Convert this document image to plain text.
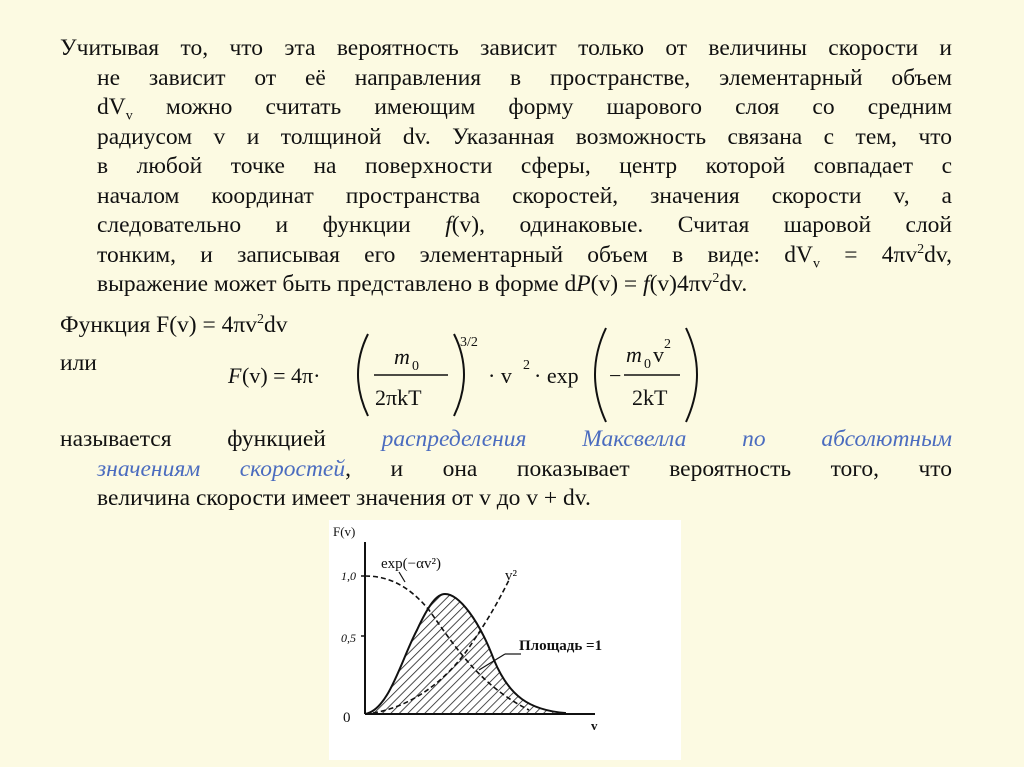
Учитывая то, что эта вероятность зависит только от величины скорости и
не зависит от её направления в пространстве, элементарный объем
$dV_v$ можно считать имеющим форму шарового слоя со средним
радиусом v и толщиной dv. Указанная возможность связана с тем, что
в любой точке на поверхности сферы, центр которой совпадает с
началом координат пространства скоростей, значения скорости v, а
следовательно и функции f(v), одинаковые. Считая шаровой слой
тонким, и записывая его элементарный объем в виде: $dV_v = 4\pi v^2dv$,
выражение может быть представлено в форме $dP(v) = f(v)4\pi v^2dv$.
Функция $F(v) = 4\pi v^2dv$
или	F (v) = 4π·
m 0
2πkT
3/2
· v 2 · exp −
m 0 v 2
2kT
называется функцией распределения Максвелла по абсолютным
значениям скоростей, и она показывает вероятность того, что
величина скорости имеет значения от v до v + dv.
F(v)
v
0
1,0
0,5
exp(−αv²)
v²
Площадь =1
